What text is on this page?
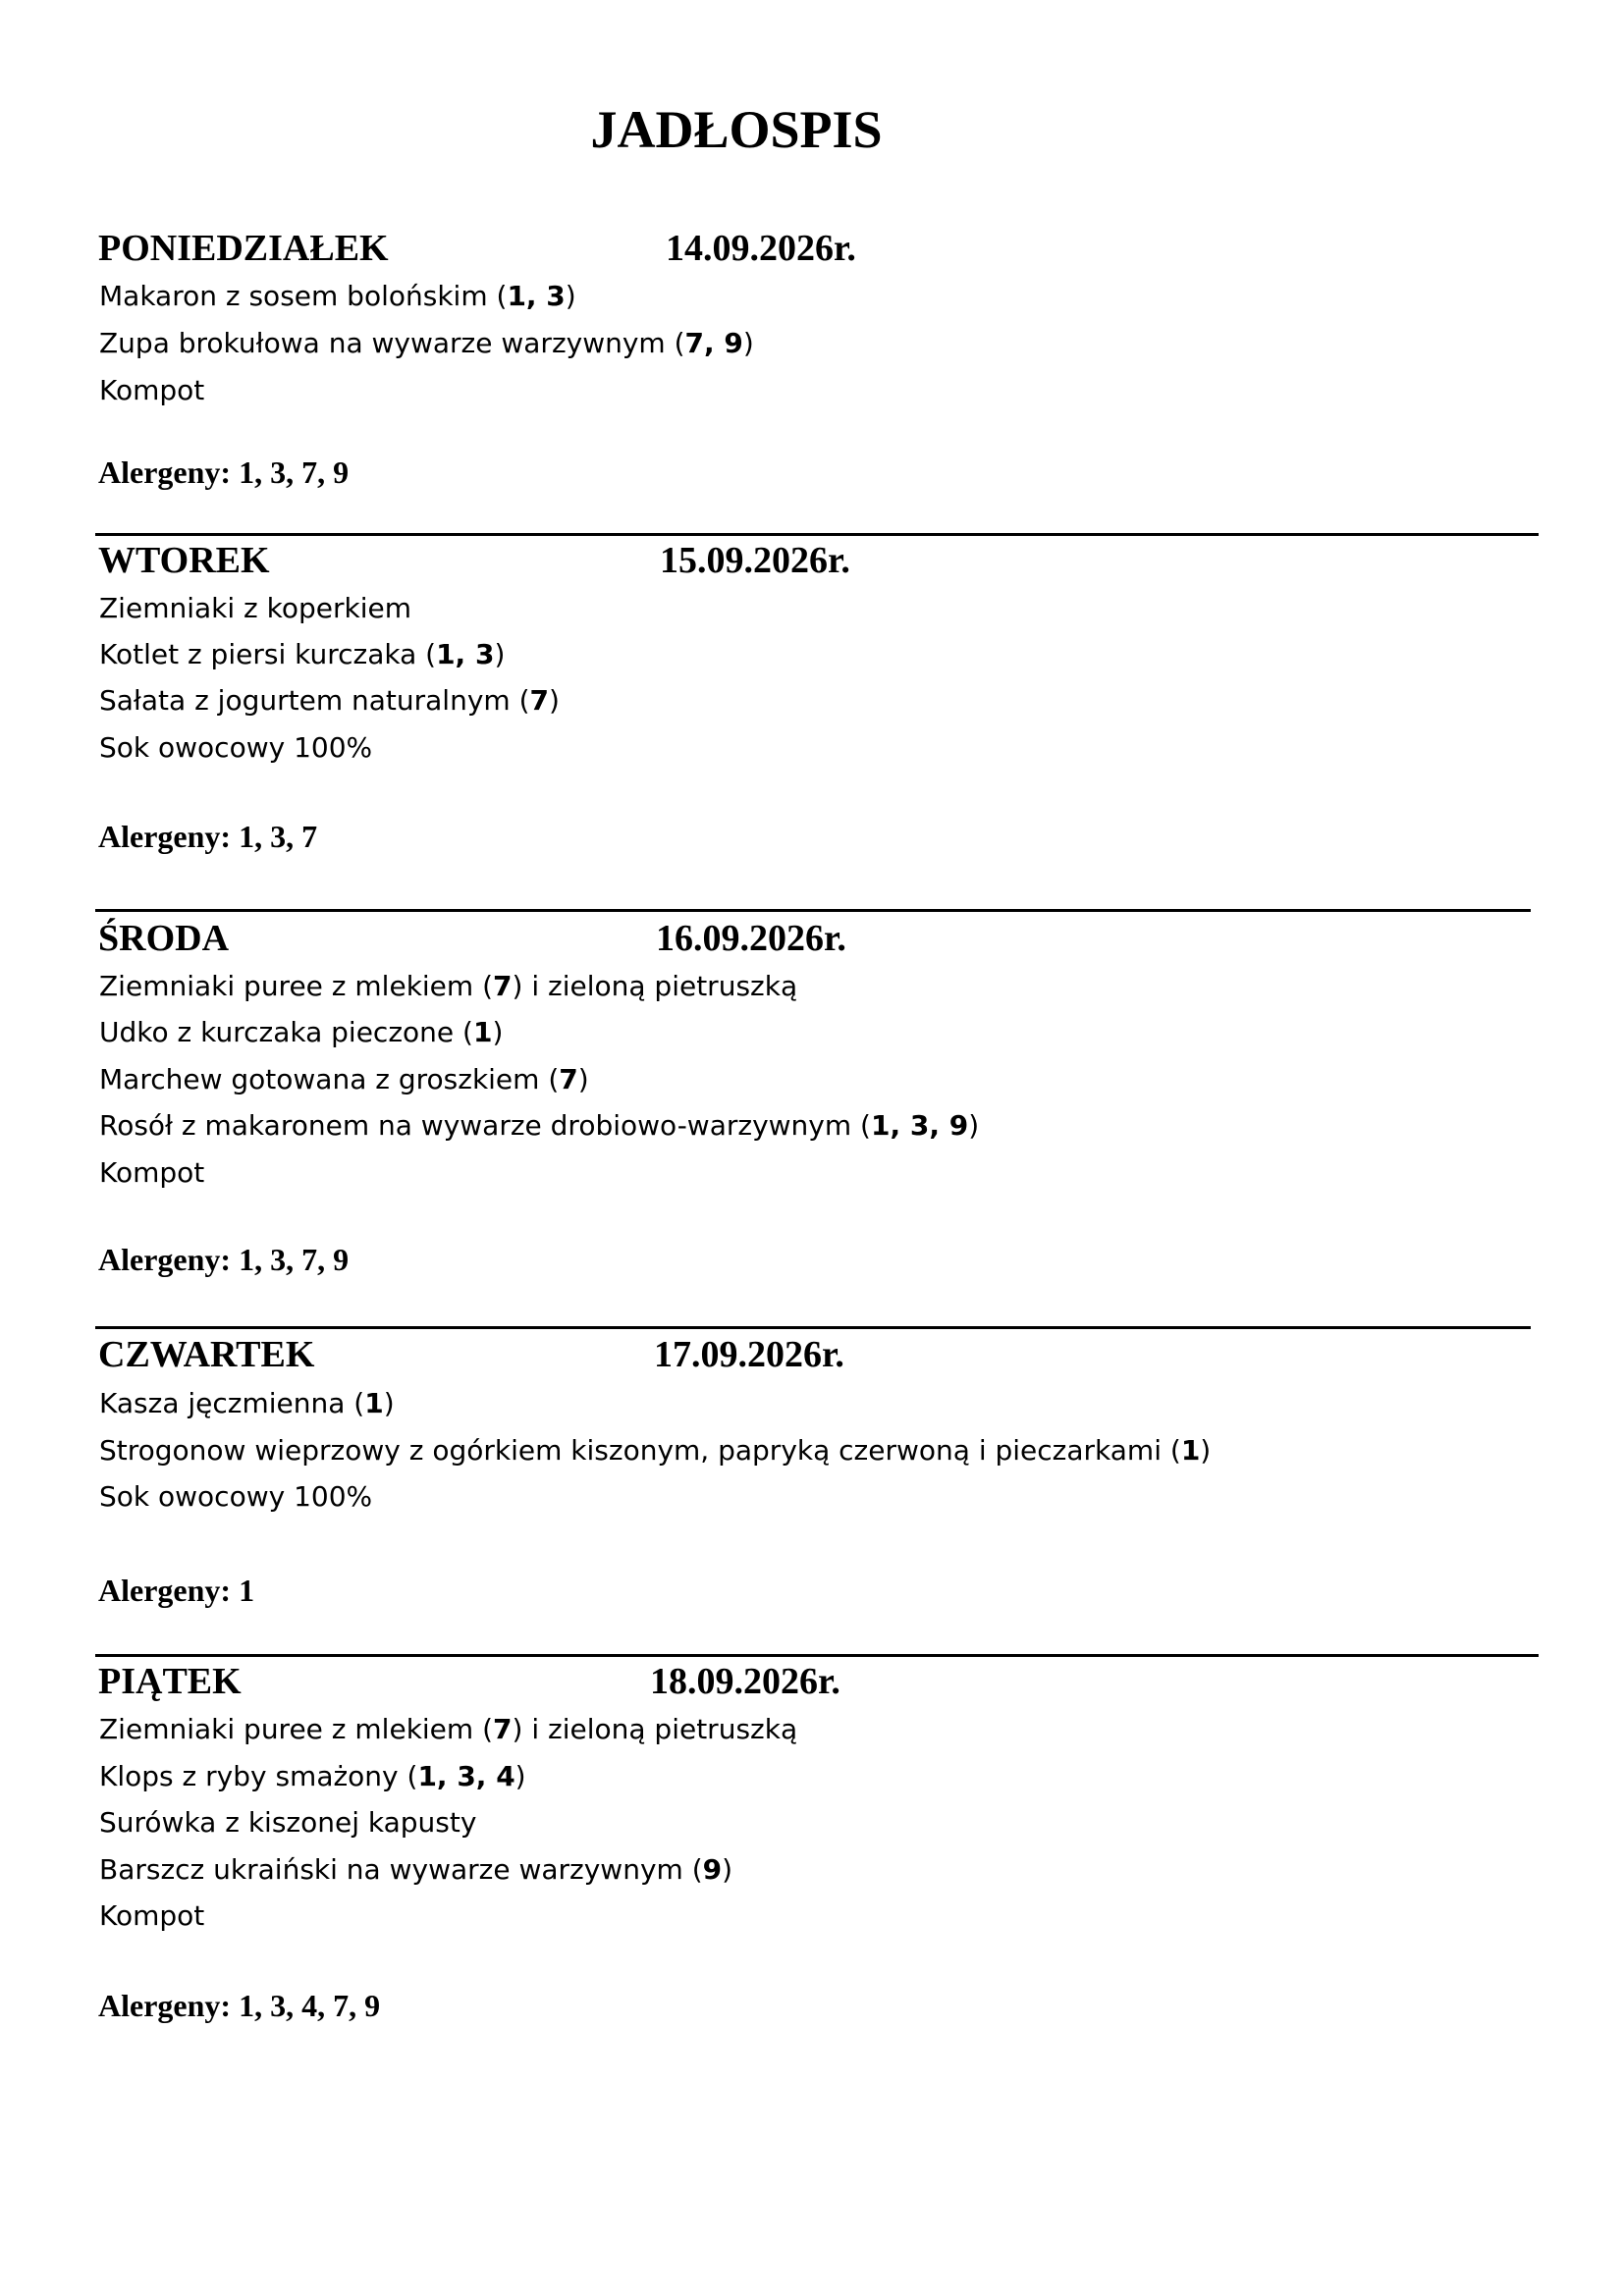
JADŁOSPIS
PONIEDZIAŁEK	14.09.2026r.
Makaron z sosem bolońskim (1, 3)
Zupa brokułowa na wywarze warzywnym (7, 9)
Kompot
Alergeny: 1, 3, 7, 9
WTOREK	15.09.2026r.
Ziemniaki z koperkiem
Kotlet z piersi kurczaka (1, 3)
Sałata z jogurtem naturalnym (7)
Sok owocowy 100%
Alergeny: 1, 3, 7
ŚRODA	16.09.2026r.
Ziemniaki puree z mlekiem (7) i zieloną pietruszką
Udko z kurczaka pieczone (1)
Marchew gotowana z groszkiem (7)
Rosół z makaronem na wywarze drobiowo-warzywnym (1, 3, 9)
Kompot
Alergeny: 1, 3, 7, 9
CZWARTEK	17.09.2026r.
Kasza jęczmienna (1)
Strogonow wieprzowy z ogórkiem kiszonym, papryką czerwoną i pieczarkami (1)
Sok owocowy 100%
Alergeny: 1
PIĄTEK	18.09.2026r.
Ziemniaki puree z mlekiem (7) i zieloną pietruszką
Klops z ryby smażony (1, 3, 4)
Surówka z kiszonej kapusty
Barszcz ukraiński na wywarze warzywnym (9)
Kompot
Alergeny: 1, 3, 4, 7, 9
